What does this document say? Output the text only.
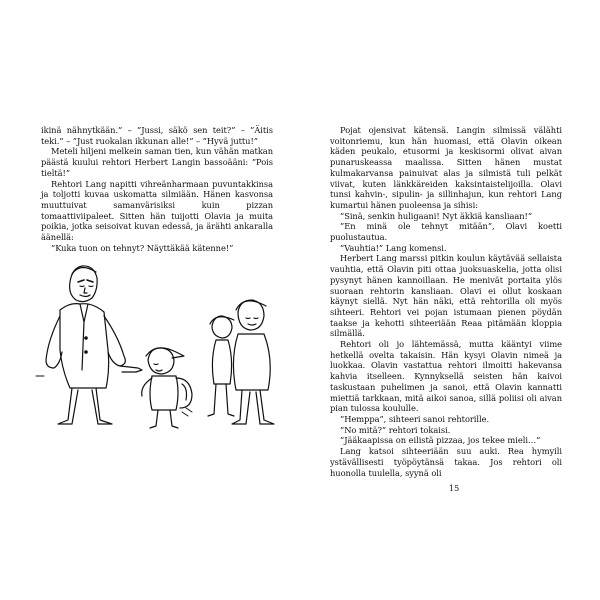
ikinä nähnytkään.” – ”Jussi, säkö sen teit?” – ”Äitis teki.” – ”Just ruokalan ikkunan alle!” – ”Hyvä juttu!”

Meteli hiljeni melkein saman tien, kun vähän matkan päästä kuului rehtori Herbert Langin bassoääni: ”Pois tieltä!”

Rehtori Lang napitti vihreänharmaan puvuntakkinsa ja toljotti kuvaa uskomatta silmiään. Hänen kasvonsa muuttuivat samanvärisiksi kuin pizzan tomaattiviipaleet. Sitten hän tuijotti Olavia ja muita poikia, jotka seisoivat kuvan edessä, ja ärähti ankaralla äänellä:

”Kuka tuon on tehnyt? Näyttäkää kätenne!”

Pojat ojensivat kätensä. Langin silmissä välähti voitonriemu, kun hän huomasi, että Olavin oikean käden peukalo, etusormi ja keskisormi olivat aivan punaruskeassa maalissa. Sitten hänen mustat kulmakarvansa painuivat alas ja silmistä tuli pelkät viivat, kuten länkkäreiden kaksintaistelijoilla. Olavi tunsi kahvin-, sipulin- ja sillinhajun, kun rehtori Lang kumartui hänen puoleensa ja sihisi:

”Sinä, senkin huligaani! Nyt äkkiä kansliaan!”

”En minä ole tehnyt mitään”, Olavi koetti puolustautua.

”Vauhtia!” Lang komensi.

Herbert Lang marssi pitkin koulun käytävää sellaista vauhtia, että Olavin piti ottaa juoksuaskelia, jotta olisi pysynyt hänen kannoillaan. He menivät portaita ylös suoraan rehtorin kansliaan. Olavi ei ollut koskaan käynyt siellä. Nyt hän näki, että rehtorilla oli myös sihteeri. Rehtori vei pojan istumaan pienen pöydän taakse ja kehotti sihteeriään Reaa pitämään kloppia silmällä.

Rehtori oli jo lähtemässä, mutta kääntyi viime hetkellä ovelta takaisin. Hän kysyi Olavin nimeä ja luokkaa. Olavin vastattua rehtori ilmoitti hakevansa kahvia itselleen. Kynnyksellä seisten hän kaivoi taskustaan puhelimen ja sanoi, että Olavin kannatti miettiä tarkkaan, mitä aikoi sanoa, sillä poliisi oli aivan pian tulossa koululle.

”Hemppa”, sihteeri sanoi rehtorille.

”No mitä?” rehtori tokaisi.

”Jääkaapissa on eilistä pizzaa, jos tekee mieli…”

Lang katsoi sihteeriään suu auki. Rea hymyili ystävällisesti työpöytänsä takaa. Jos rehtori oli huonolla tuulella, syynä oli

15
